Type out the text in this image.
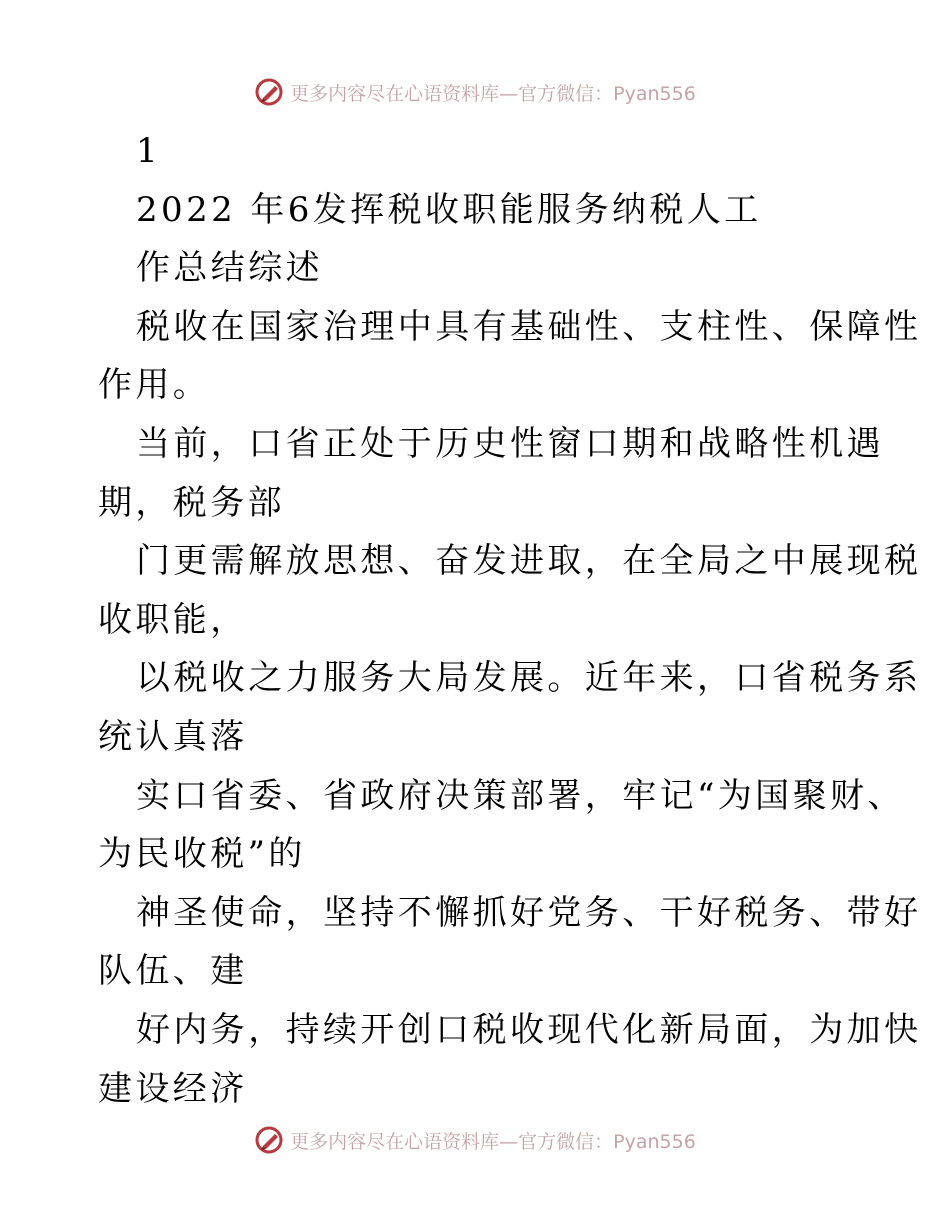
更多内容尽在心语资料库— 官方微信：Pyan556
1
2022 年6发挥税收职能服务纳税人工
作总结综述
税收在国家治理中具有基础性、支柱性、保障性
作用。
当前，口省正处于历史性窗口期和战略性机遇
期，税务部
门更需解放思想、奋发进取，在全局之中展现税
收职能，
以税收之力服务大局发展。近年来，口省税务系
统认真落
实口省委、省政府决策部署，牢记“为国聚财、
为民收税”的
神圣使命，坚持不懈抓好党务、干好税务、带好
队伍、建
好内务，持续开创口税收现代化新局面，为加快
建设经济
更多内容尽在心语资料库— 官方微信：Pyan556
